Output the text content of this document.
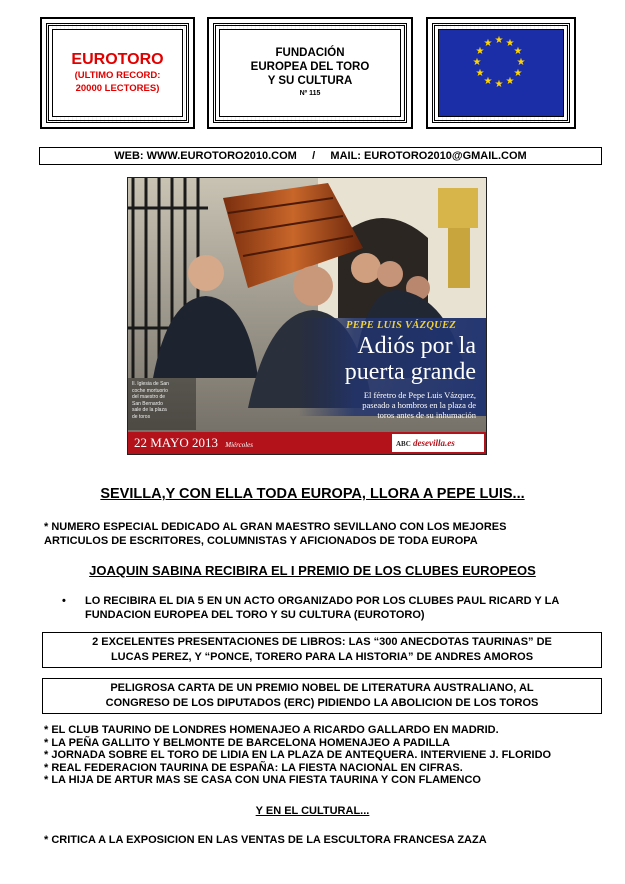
EUROTORO
(ULTIMO RECORD:
20000 LECTORES)
FUNDACIÓN
EUROPEA DEL TORO
Y SU CULTURA
Nº 115
★ ★
★
★
★
★
★
★
★
★
★
★
WEB: WWW.EUROTORO2010.COM     /     MAIL: EUROTORO2010@GMAIL.COM
PEPE LUIS VÁZQUEZ
Adiós por la
puerta grande
El féretro de Pepe Luis Vázquez,
paseado a hombros en la plaza de
toros antes de su inhumación
Il. Iglesia de San
coche mortuorio
del maestro de
San Bernardo
sale de la plaza
de toros
22 MAYO 2013 Miércoles	ABC desevilla.es
SEVILLA,Y CON ELLA TODA EUROPA, LLORA A PEPE LUIS...
* NUMERO ESPECIAL DEDICADO AL GRAN MAESTRO SEVILLANO CON LOS MEJORES
ARTICULOS DE ESCRITORES, COLUMNISTAS Y AFICIONADOS DE TODA EUROPA
JOAQUIN SABINA RECIBIRA EL I PREMIO DE LOS CLUBES EUROPEOS
• LO RECIBIRA EL DIA 5 EN UN ACTO ORGANIZADO POR LOS CLUBES PAUL RICARD Y LA
FUNDACION EUROPEA DEL TORO Y SU CULTURA (EUROTORO)
2 EXCELENTES PRESENTACIONES DE LIBROS: LAS “300 ANECDOTAS TAURINAS” DE
LUCAS PEREZ, Y “PONCE, TORERO PARA LA HISTORIA” DE ANDRES AMOROS
PELIGROSA CARTA DE UN PREMIO NOBEL DE LITERATURA AUSTRALIANO, AL
CONGRESO DE LOS DIPUTADOS (ERC) PIDIENDO LA ABOLICION DE LOS TOROS
* EL CLUB TAURINO DE LONDRES HOMENAJEO A RICARDO GALLARDO EN MADRID.
* LA PEÑA GALLITO Y BELMONTE DE BARCELONA HOMENAJEO A PADILLA
* JORNADA SOBRE EL TORO DE LIDIA EN LA PLAZA DE ANTEQUERA. INTERVIENE J. FLORIDO
* REAL FEDERACION TAURINA DE ESPAÑA: LA FIESTA NACIONAL EN CIFRAS.
* LA HIJA DE ARTUR MAS SE CASA CON UNA FIESTA TAURINA Y CON FLAMENCO
Y EN EL CULTURAL...
* CRITICA A LA EXPOSICION EN LAS VENTAS DE LA ESCULTORA FRANCESA ZAZA
